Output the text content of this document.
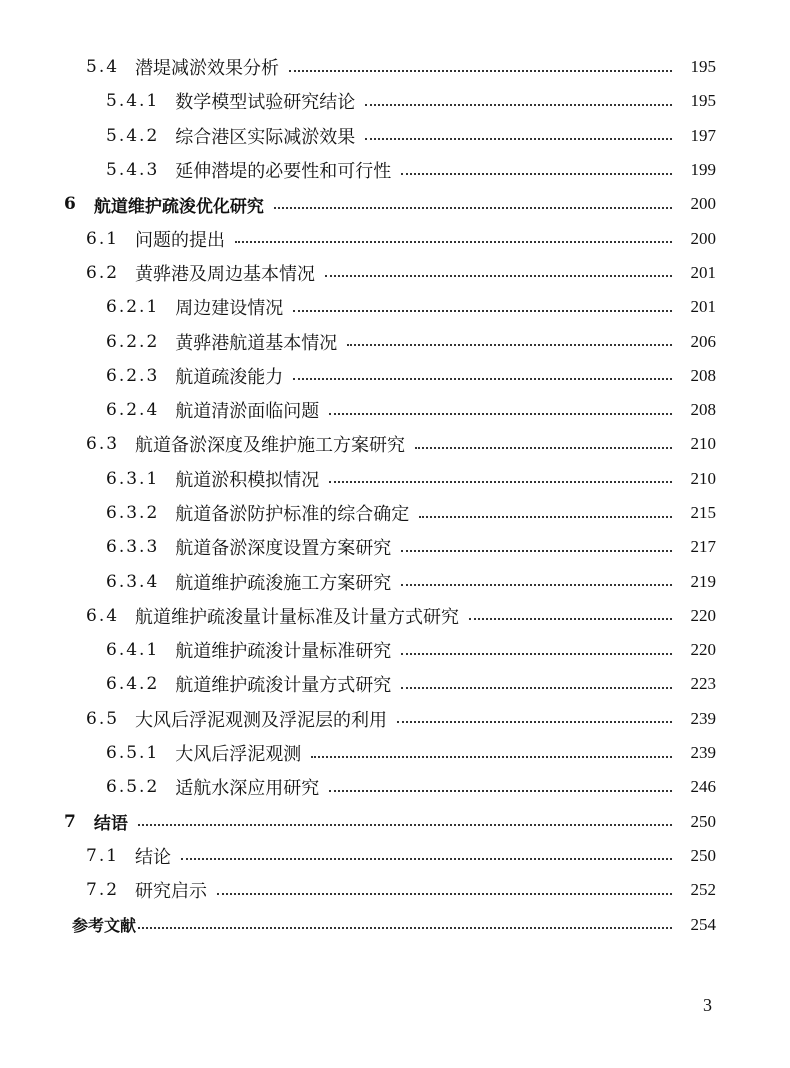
5.4 潜堤减淤效果分析	195
5.4.1 数学模型试验研究结论	195
5.4.2 综合港区实际减淤效果	197
5.4.3 延伸潜堤的必要性和可行性	199
6 航道维护疏浚优化研究	200
6.1 问题的提出	200
6.2 黄骅港及周边基本情况	201
6.2.1 周边建设情况	201
6.2.2 黄骅港航道基本情况	206
6.2.3 航道疏浚能力	208
6.2.4 航道清淤面临问题	208
6.3 航道备淤深度及维护施工方案研究	210
6.3.1 航道淤积模拟情况	210
6.3.2 航道备淤防护标准的综合确定	215
6.3.3 航道备淤深度设置方案研究	217
6.3.4 航道维护疏浚施工方案研究	219
6.4 航道维护疏浚量计量标准及计量方式研究	220
6.4.1 航道维护疏浚计量标准研究	220
6.4.2 航道维护疏浚计量方式研究	223
6.5 大风后浮泥观测及浮泥层的利用	239
6.5.1 大风后浮泥观测	239
6.5.2 适航水深应用研究	246
7 结语	250
7.1 结论	250
7.2 研究启示	252
参考文献	254
3
